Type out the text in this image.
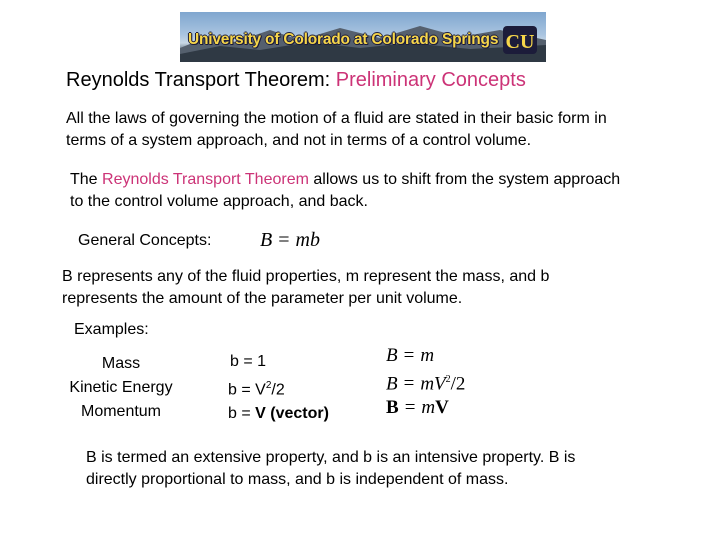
University of Colorado at Colorado Springs CU
Reynolds Transport Theorem: Preliminary Concepts
All the laws of governing the motion of a fluid are stated in their basic form in
terms of a system approach, and not in terms of a control volume.
The Reynolds Transport Theorem allows us to shift from the system approach
to the control volume approach, and back.
General Concepts: B = mb
B represents any of the fluid properties, m represent the mass, and b
represents the amount of the parameter per unit volume.
Examples:
Mass
Kinetic Energy
Momentum
b = 1
$b = V^2/2$
b = V (vector)
B = m
$B = mV^2/2$
B = mV
B is termed an extensive property, and b is an intensive property. B is
directly proportional to mass, and b is independent of mass.
